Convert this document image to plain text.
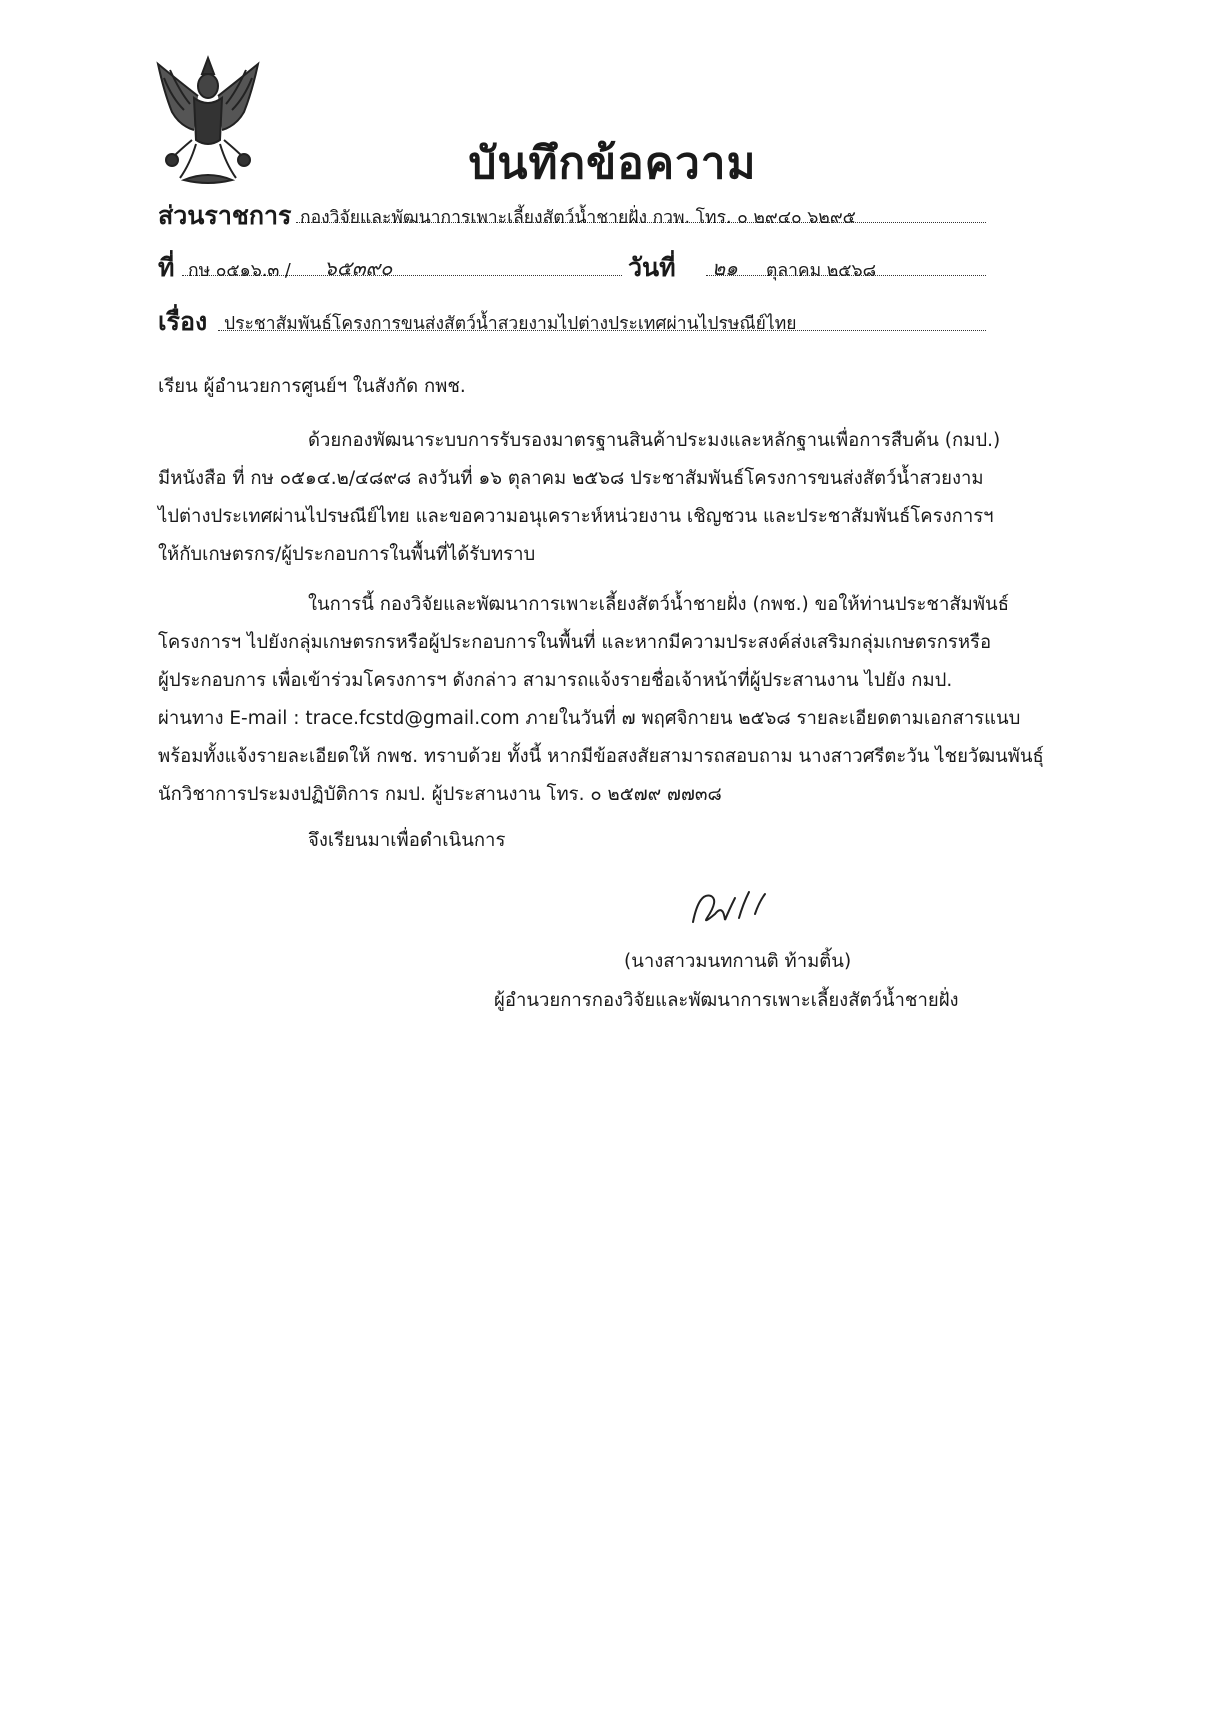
บันทึกข้อความ
ส่วนราชการ กองวิจัยและพัฒนาการเพาะเลี้ยงสัตว์น้ำชายฝั่ง กวพ. โทร. ๐ ๒๙๔๐ ๖๒๙๕
ที่ กษ ๐๕๑๖.๓ / ๖๕๓๙๐	วันที่ ๒๑ ตุลาคม ๒๕๖๘
เรื่อง ประชาสัมพันธ์โครงการขนส่งสัตว์น้ำสวยงามไปต่างประเทศผ่านไปรษณีย์ไทย
เรียน ผู้อำนวยการศูนย์ฯ ในสังกัด กพช.
ด้วยกองพัฒนาระบบการรับรองมาตรฐานสินค้าประมงและหลักฐานเพื่อการสืบค้น (กมป.)
มีหนังสือ ที่ กษ ๐๕๑๔.๒/๔๘๙๘ ลงวันที่ ๑๖ ตุลาคม ๒๕๖๘ ประชาสัมพันธ์โครงการขนส่งสัตว์น้ำสวยงาม
ไปต่างประเทศผ่านไปรษณีย์ไทย และขอความอนุเคราะห์หน่วยงาน เชิญชวน และประชาสัมพันธ์โครงการฯ
ให้กับเกษตรกร/ผู้ประกอบการในพื้นที่ได้รับทราบ
ในการนี้ กองวิจัยและพัฒนาการเพาะเลี้ยงสัตว์น้ำชายฝั่ง (กพช.) ขอให้ท่านประชาสัมพันธ์
โครงการฯ ไปยังกลุ่มเกษตรกรหรือผู้ประกอบการในพื้นที่ และหากมีความประสงค์ส่งเสริมกลุ่มเกษตรกรหรือ
ผู้ประกอบการ เพื่อเข้าร่วมโครงการฯ ดังกล่าว สามารถแจ้งรายชื่อเจ้าหน้าที่ผู้ประสานงาน ไปยัง กมป.
ผ่านทาง E-mail : trace.fcstd@gmail.com ภายในวันที่ ๗ พฤศจิกายน ๒๕๖๘ รายละเอียดตามเอกสารแนบ
พร้อมทั้งแจ้งรายละเอียดให้ กพช. ทราบด้วย ทั้งนี้ หากมีข้อสงสัยสามารถสอบถาม นางสาวศรีตะวัน ไชยวัฒนพันธุ์
นักวิชาการประมงปฏิบัติการ กมป. ผู้ประสานงาน โทร. ๐ ๒๕๗๙ ๗๗๓๘
จึงเรียนมาเพื่อดำเนินการ
(นางสาวมนทกานติ ท้ามติ้น)
ผู้อำนวยการกองวิจัยและพัฒนาการเพาะเลี้ยงสัตว์น้ำชายฝั่ง
